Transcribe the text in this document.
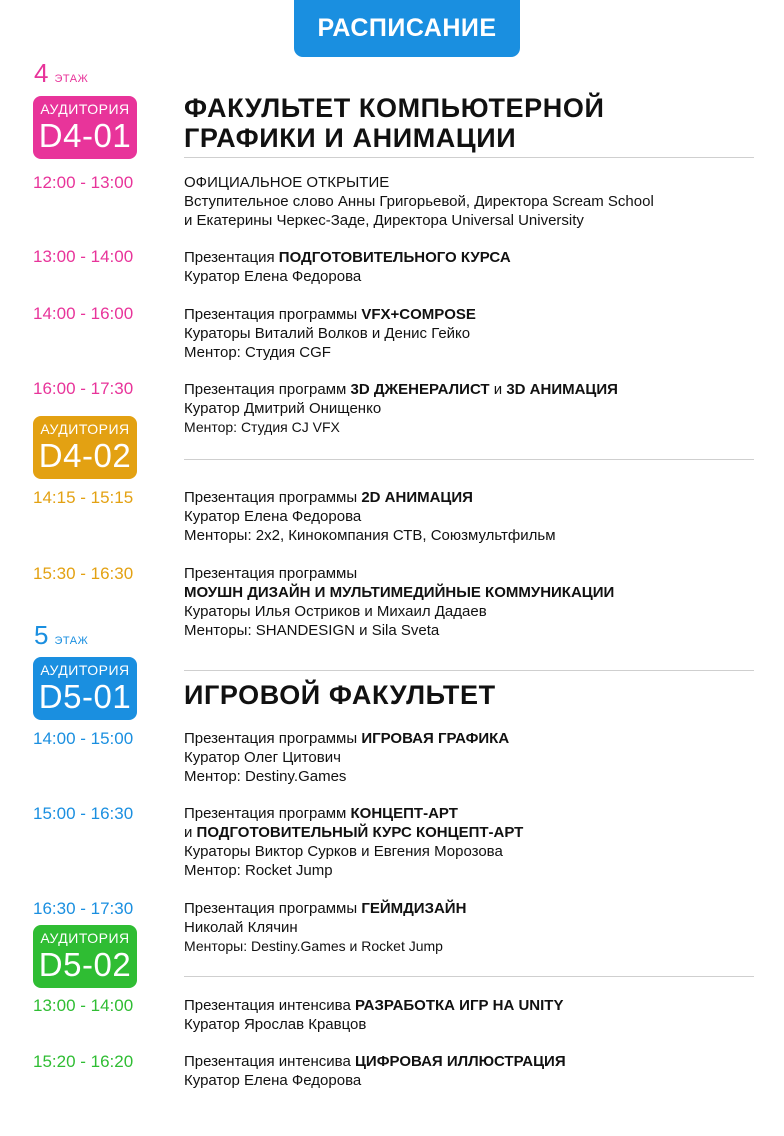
РАСПИСАНИЕ
4 ЭТАЖ
АУДИТОРИЯ
D4-01
ФАКУЛЬТЕТ КОМПЬЮТЕРНОЙ
ГРАФИКИ И АНИМАЦИИ
12:00 - 13:00	ОФИЦИАЛЬНОЕ ОТКРЫТИЕ
Вступительное слово Анны Григорьевой, Директора Scream School
и Екатерины Черкес-Заде, Директора Universal University
13:00 - 14:00	Презентация ПОДГОТОВИТЕЛЬНОГО КУРСА
Куратор Елена Федорова
14:00 - 16:00	Презентация программы VFX+COMPOSE
Кураторы Виталий Волков и Денис Гейко
Ментор: Студия CGF
16:00 - 17:30	Презентация программ 3D ДЖЕНЕРАЛИСТ и 3D АНИМАЦИЯ
Куратор Дмитрий Онищенко
Ментор: Студия CJ VFX
АУДИТОРИЯ
D4-02
14:15 - 15:15	Презентация программы 2D АНИМАЦИЯ
Куратор Елена Федорова
Менторы: 2x2, Кинокомпания СТВ, Союзмультфильм
15:30 - 16:30	Презентация программы
МОУШН ДИЗАЙН И МУЛЬТИМЕДИЙНЫЕ КОММУНИКАЦИИ
Кураторы Илья Остриков и Михаил Дадаев
Менторы: SHANDESIGN и Sila Sveta
5 ЭТАЖ
АУДИТОРИЯ
D5-01 ИГРОВОЙ ФАКУЛЬТЕТ
14:00 - 15:00	Презентация программы ИГРОВАЯ ГРАФИКА
Куратор Олег Цитович
Ментор: Destiny.Games
15:00 - 16:30	Презентация программ КОНЦЕПТ-АРТ
и ПОДГОТОВИТЕЛЬНЫЙ КУРС КОНЦЕПТ-АРТ
Кураторы Виктор Сурков и Евгения Морозова
Ментор: Rocket Jump
16:30 - 17:30	Презентация программы ГЕЙМДИЗАЙН
Николай Клячин
Менторы: Destiny.Games и Rocket Jump
АУДИТОРИЯ
D5-02
13:00 - 14:00	Презентация интенсива РАЗРАБОТКА ИГР НА UNITY
Куратор Ярослав Кравцов
15:20 - 16:20	Презентация интенсива ЦИФРОВАЯ ИЛЛЮСТРАЦИЯ
Куратор Елена Федорова
